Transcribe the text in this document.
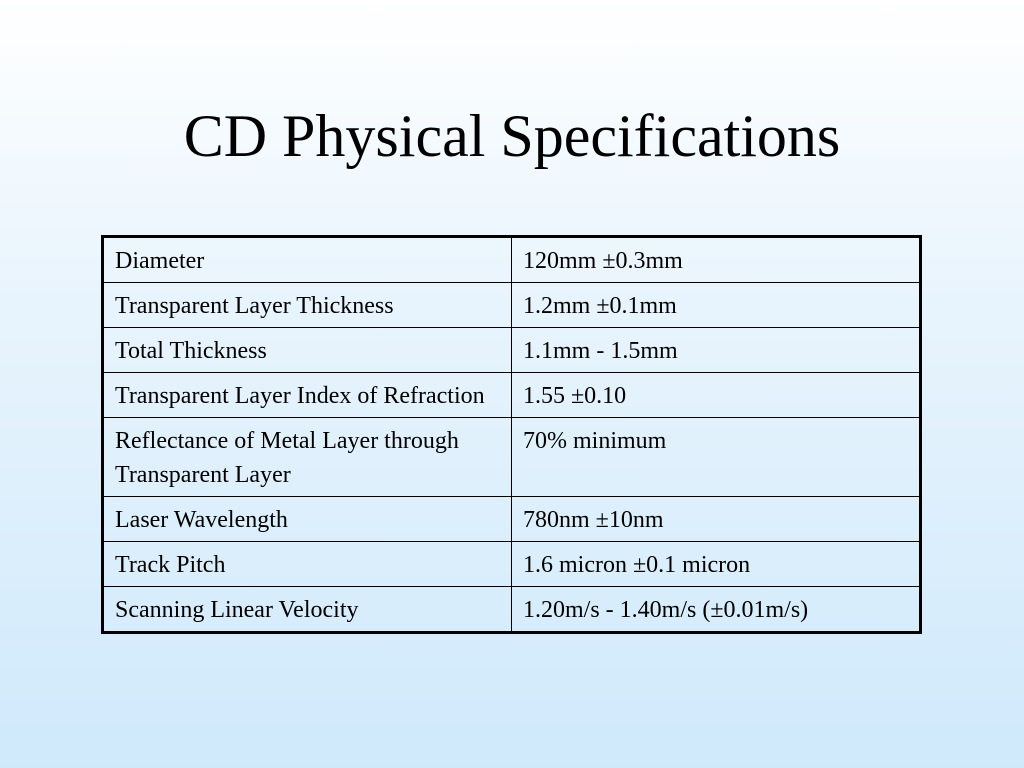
CD Physical Specifications
Diameter	120mm ±0.3mm
Transparent Layer Thickness	1.2mm ±0.1mm
Total Thickness	1.1mm - 1.5mm
Transparent Layer Index of Refraction	1.55 ±0.10
Reflectance of Metal Layer through Transparent Layer	70% minimum
Laser Wavelength	780nm ±10nm
Track Pitch	1.6 micron ±0.1 micron
Scanning Linear Velocity	1.20m/s - 1.40m/s (±0.01m/s)
